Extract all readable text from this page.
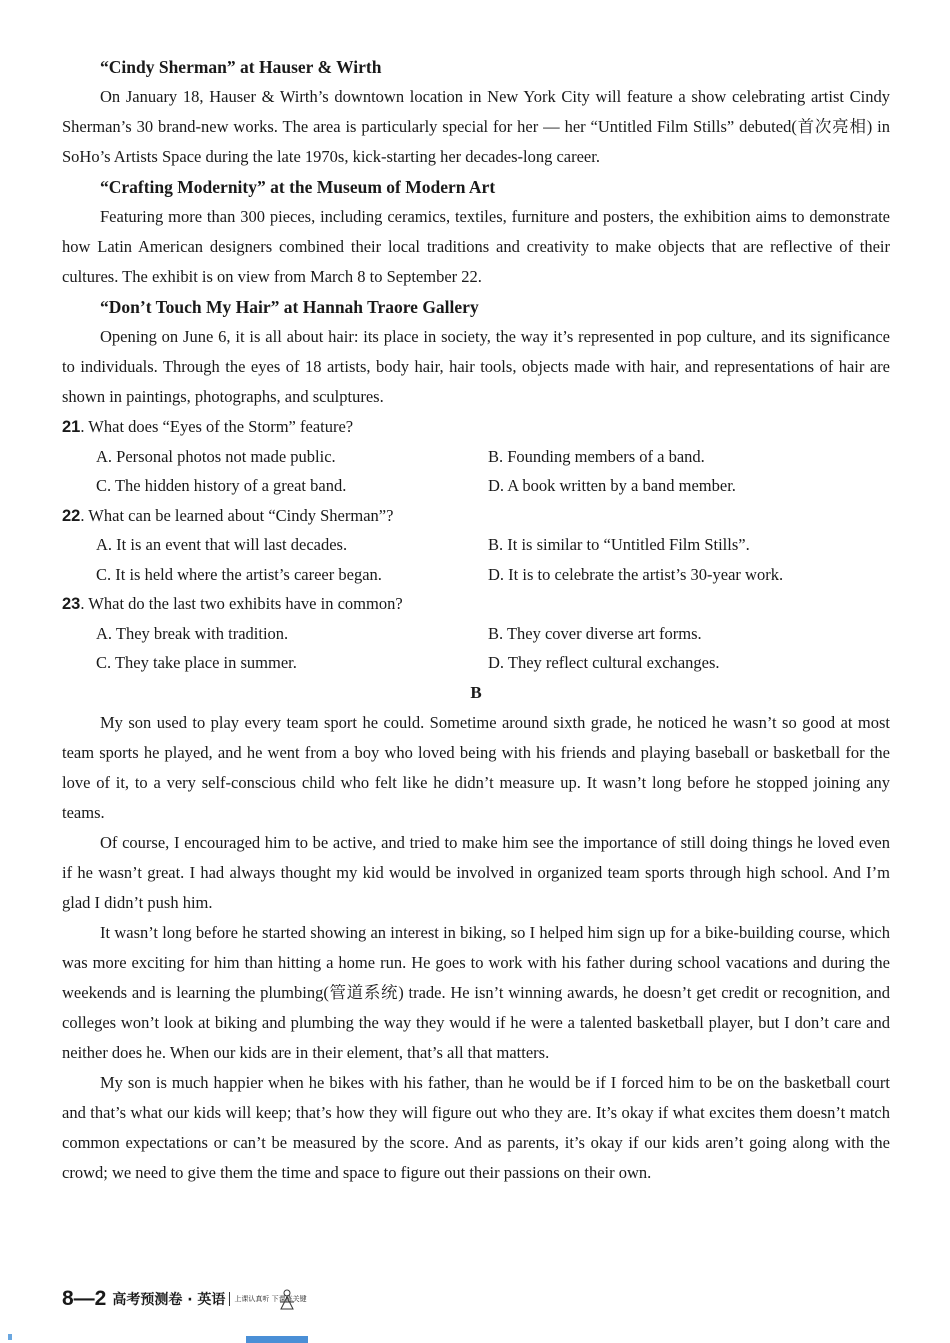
“Cindy Sherman” at Hauser & Wirth

On January 18, Hauser & Wirth’s downtown location in New York City will feature a show celebrating artist Cindy Sherman’s 30 brand-new works. The area is particularly special for her — her “Untitled Film Stills” debuted(首次亮相) in SoHo’s Artists Space during the late 1970s, kick-starting her decades-long career.

“Crafting Modernity” at the Museum of Modern Art

Featuring more than 300 pieces, including ceramics, textiles, furniture and posters, the exhibition aims to demonstrate how Latin American designers combined their local traditions and creativity to make objects that are reflective of their cultures. The exhibit is on view from March 8 to September 22.

“Don’t Touch My Hair” at Hannah Traore Gallery

Opening on June 6, it is all about hair: its place in society, the way it’s represented in pop culture, and its significance to individuals. Through the eyes of 18 artists, body hair, hair tools, objects made with hair, and representations of hair are shown in paintings, photographs, and sculptures.

21. What does “Eyes of the Storm” feature?
A. Personal photos not made public.	B. Founding members of a band.
C. The hidden history of a great band.	D. A book written by a band member.
22. What can be learned about “Cindy Sherman”?
A. It is an event that will last decades.	B. It is similar to “Untitled Film Stills”.
C. It is held where the artist’s career began.	D. It is to celebrate the artist’s 30-year work.
23. What do the last two exhibits have in common?
A. They break with tradition.	B. They cover diverse art forms.
C. They take place in summer.	D. They reflect cultural exchanges.
B

My son used to play every team sport he could. Sometime around sixth grade, he noticed he wasn’t so good at most team sports he played, and he went from a boy who loved being with his friends and playing baseball or basketball for the love of it, to a very self-conscious child who felt like he didn’t measure up. It wasn’t long before he stopped joining any teams.

Of course, I encouraged him to be active, and tried to make him see the importance of still doing things he loved even if he wasn’t great. I had always thought my kid would be involved in organized team sports through high school. And I’m glad I didn’t push him.

It wasn’t long before he started showing an interest in biking, so I helped him sign up for a bike-building course, which was more exciting for him than hitting a home run. He goes to work with his father during school vacations and during the weekends and is learning the plumbing(管道系统) trade. He isn’t winning awards, he doesn’t get credit or recognition, and colleges won’t look at biking and plumbing the way they would if he were a talented basketball player, but I don’t care and neither does he. When our kids are in their element, that’s all that matters.

My son is much happier when he bikes with his father, than he would be if I forced him to be on the basketball court and that’s what our kids will keep; that’s how they will figure out who they are. It’s okay if what excites them doesn’t match common expectations or can’t be measured by the score. And as parents, it’s okay if our kids aren’t going along with the crowd; we need to give them the time and space to figure out their passions on their own.

8—2 高考预测卷 · 英语 上课认真听 下课练关键
